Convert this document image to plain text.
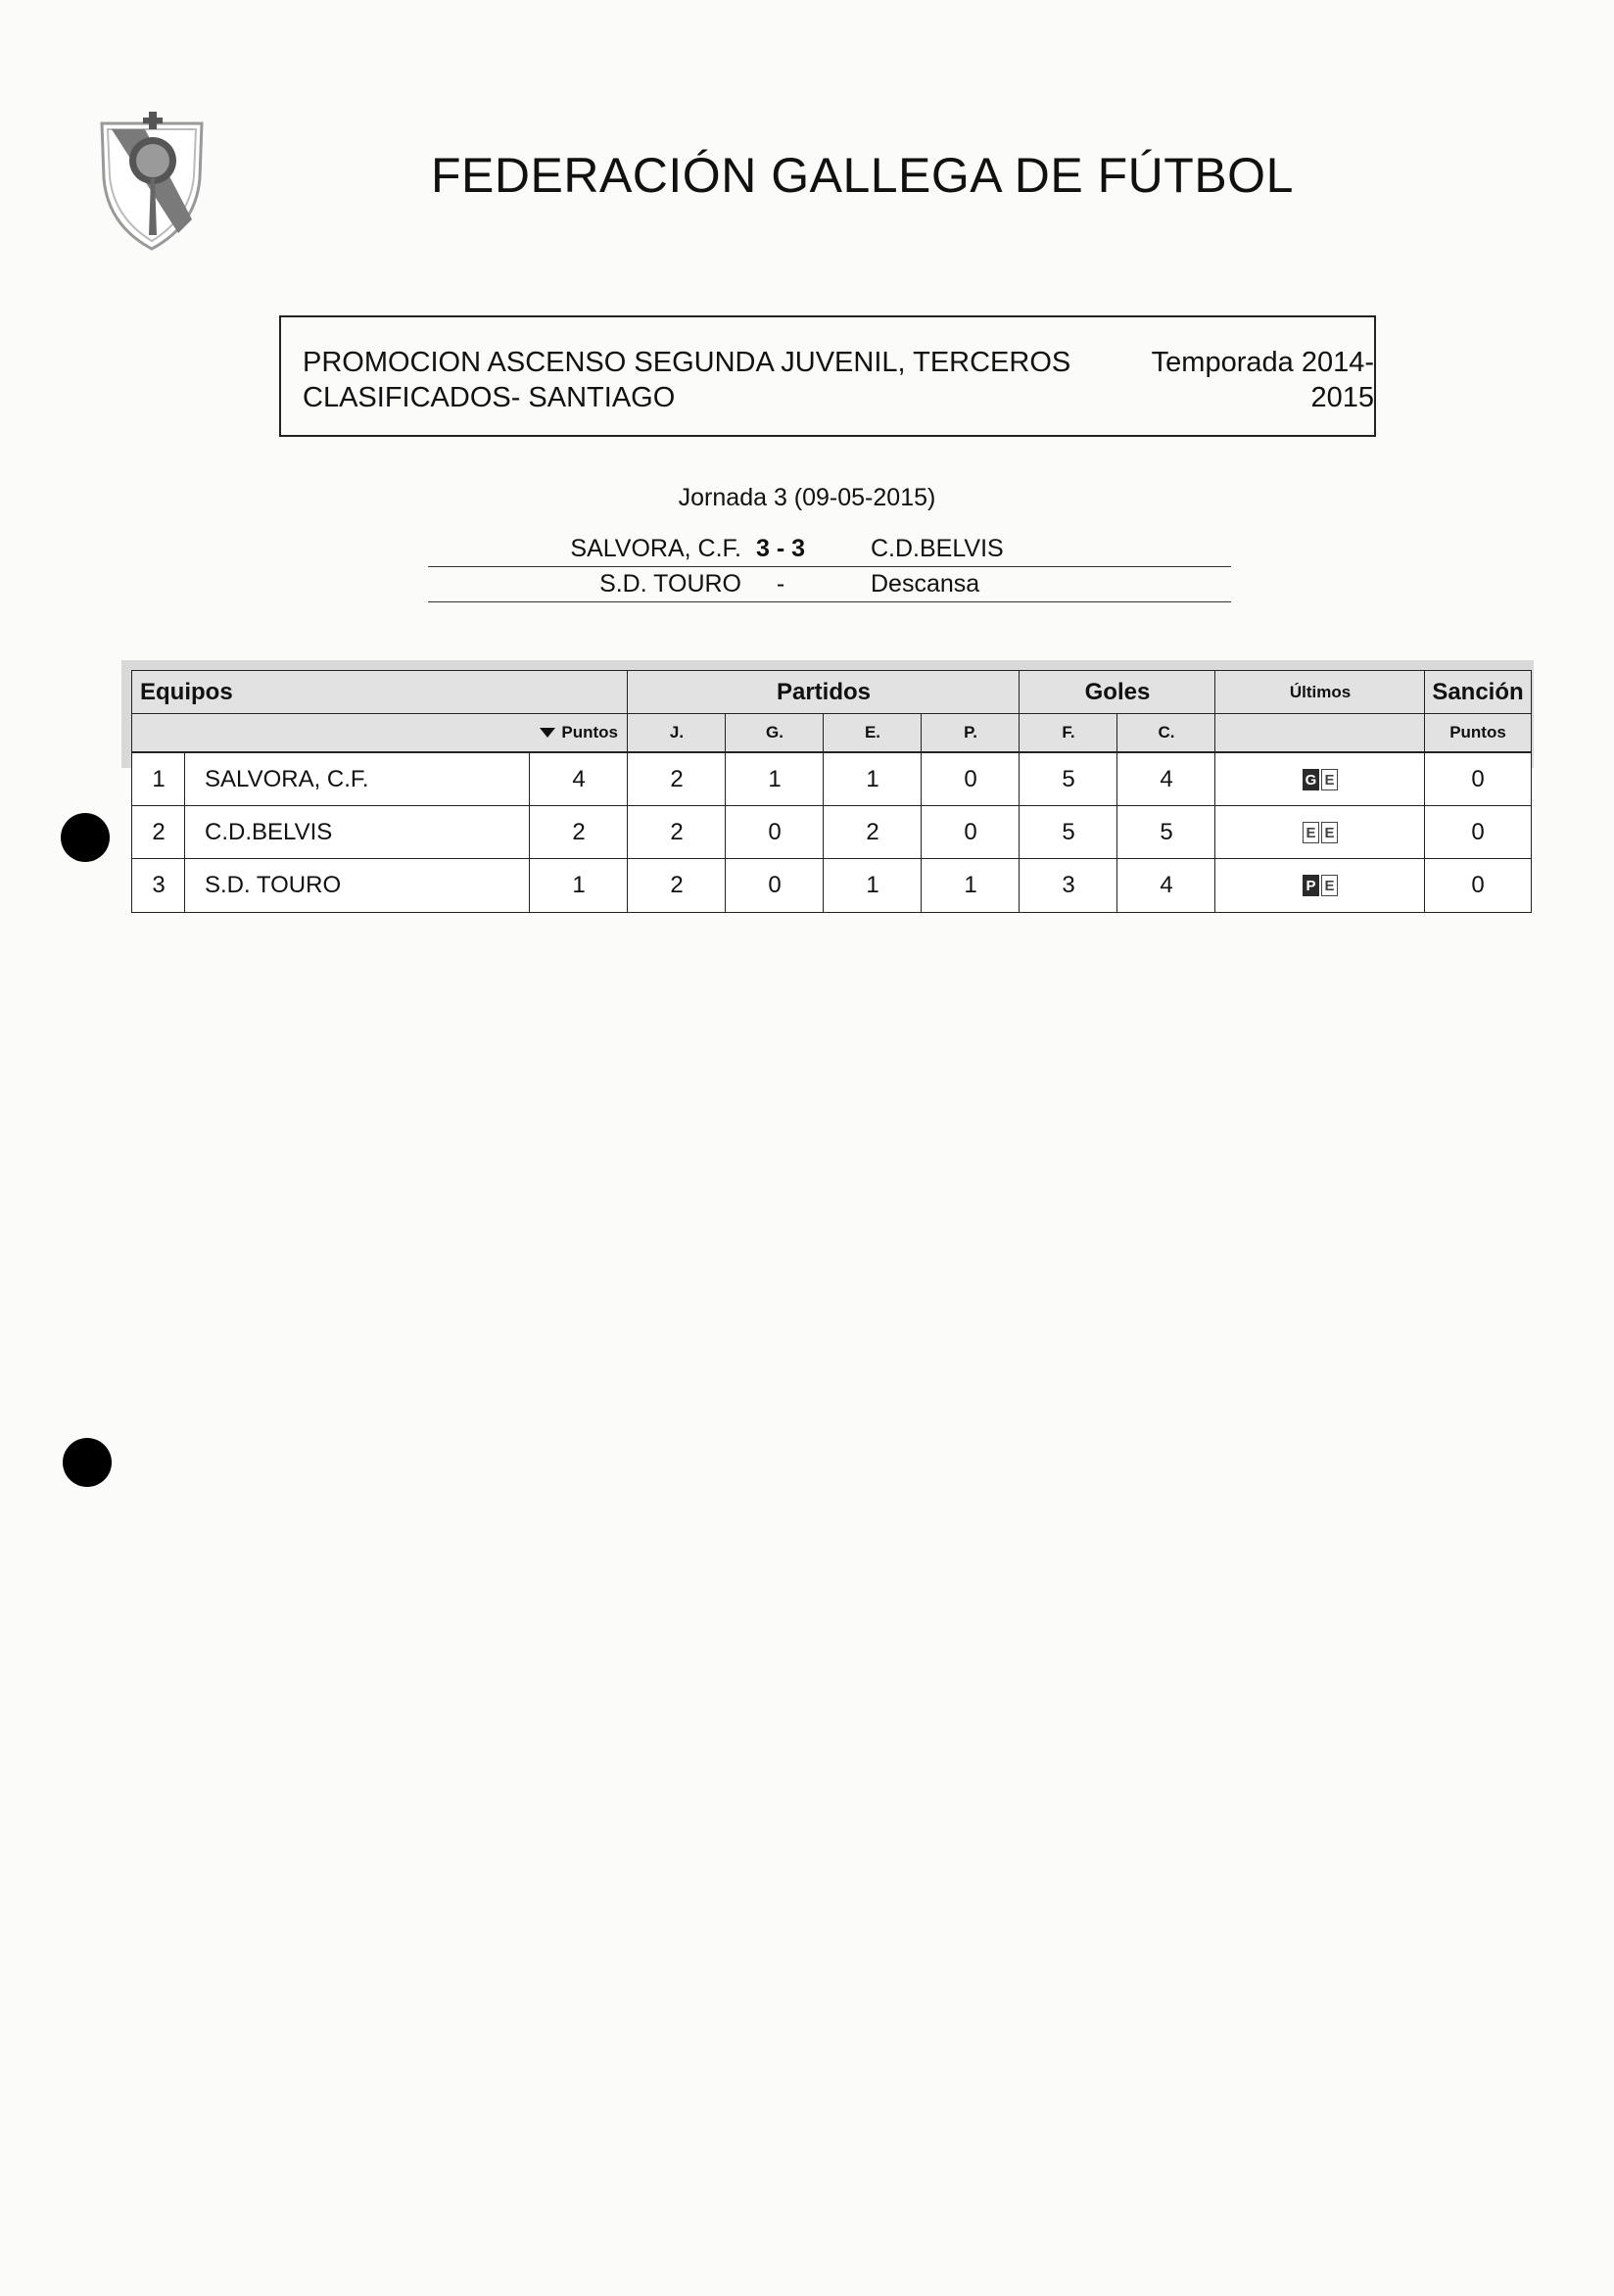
FEDERACIÓN GALLEGA DE FÚTBOL
PROMOCION ASCENSO SEGUNDA JUVENIL, TERCEROS
CLASIFICADOS- SANTIAGO
Temporada 2014-
2015
Jornada 3 (09-05-2015)
SALVORA, C.F. 3 - 3	C.D.BELVIS
S.D. TOURO	-	Descansa
Equipos	Partidos	Goles	Últimos	Sanción
Puntos	J.	G.	E.	P.	F.	C.	Puntos
1	SALVORA, C.F.	4	2	1	1	0	5	4	G E	0
2	C.D.BELVIS	2	2	0	2	0	5	5	E E	0
3	S.D. TOURO	1	2	0	1	1	3	4	P E	0
